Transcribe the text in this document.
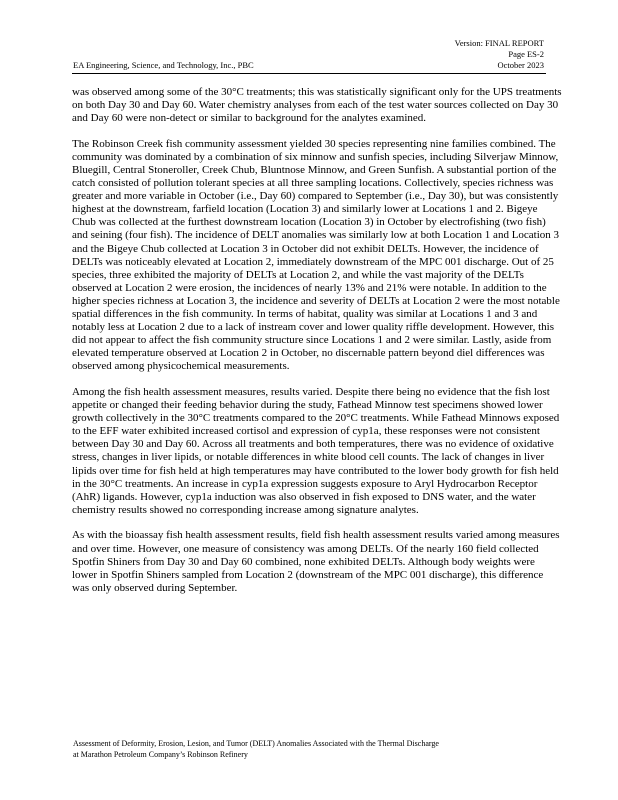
Version: FINAL REPORT
Page ES-2
October 2023
EA Engineering, Science, and Technology, Inc., PBC

was observed among some of the 30°C treatments; this was statistically significant only for the UPS treatments on both Day 30 and Day 60. Water chemistry analyses from each of the test water sources collected on Day 30 and Day 60 were non-detect or similar to background for the analytes examined.

The Robinson Creek fish community assessment yielded 30 species representing nine families combined. The community was dominated by a combination of six minnow and sunfish species, including Silverjaw Minnow, Bluegill, Central Stoneroller, Creek Chub, Bluntnose Minnow, and Green Sunfish. A substantial portion of the catch consisted of pollution tolerant species at all three sampling locations. Collectively, species richness was greater and more variable in October (i.e., Day 60) compared to September (i.e., Day 30), but was consistently highest at the downstream, farfield location (Location 3) and similarly lower at Locations 1 and 2. Bigeye Chub was collected at the furthest downstream location (Location 3) in October by electrofishing (two fish) and seining (four fish). The incidence of DELT anomalies was similarly low at both Location 1 and Location 3 and the Bigeye Chub collected at Location 3 in October did not exhibit DELTs. However, the incidence of DELTs was noticeably elevated at Location 2, immediately downstream of the MPC 001 discharge. Out of 25 species, three exhibited the majority of DELTs at Location 2, and while the vast majority of the DELTs observed at Location 2 were erosion, the incidences of nearly 13% and 21% were notable. In addition to the higher species richness at Location 3, the incidence and severity of DELTs at Location 2 were the most notable spatial differences in the fish community. In terms of habitat, quality was similar at Locations 1 and 3 and notably less at Location 2 due to a lack of instream cover and lower quality riffle development. However, this did not appear to affect the fish community structure since Locations 1 and 2 were similar. Lastly, aside from elevated temperature observed at Location 2 in October, no discernable pattern beyond diel differences was observed among physicochemical measurements.

Among the fish health assessment measures, results varied. Despite there being no evidence that the fish lost appetite or changed their feeding behavior during the study, Fathead Minnow test specimens showed lower growth collectively in the 30°C treatments compared to the 20°C treatments. While Fathead Minnows exposed to the EFF water exhibited increased cortisol and expression of cyp1a, these responses were not consistent between Day 30 and Day 60. Across all treatments and both temperatures, there was no evidence of oxidative stress, changes in liver lipids, or notable differences in white blood cell counts. The lack of changes in liver lipids over time for fish held at high temperatures may have contributed to the lower body growth for fish held in the 30°C treatments. An increase in cyp1a expression suggests exposure to Aryl Hydrocarbon Receptor (AhR) ligands. However, cyp1a induction was also observed in fish exposed to DNS water, and the water chemistry results showed no corresponding increase among signature analytes.

As with the bioassay fish health assessment results, field fish health assessment results varied among measures and over time. However, one measure of consistency was among DELTs. Of the nearly 160 field collected Spotfin Shiners from Day 30 and Day 60 combined, none exhibited DELTs. Although body weights were lower in Spotfin Shiners sampled from Location 2 (downstream of the MPC 001 discharge), this difference was only observed during September.

Assessment of Deformity, Erosion, Lesion, and Tumor (DELT) Anomalies Associated with the Thermal Discharge
at Marathon Petroleum Company’s Robinson Refinery
